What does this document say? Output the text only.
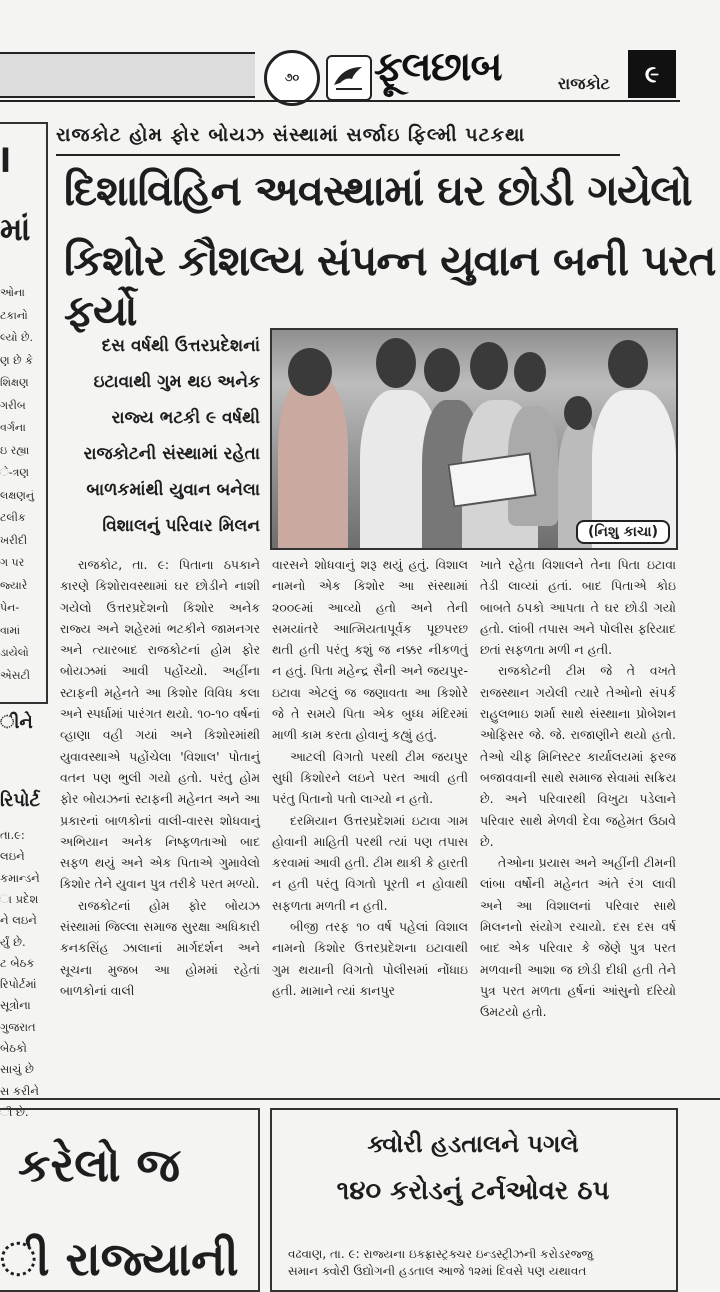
૭૦ ફૂલછાબ	રાજકોટ	૯
l
માં
ઓના
ટકાનો
લ્યો છે.
ણ છે કે
શિક્ષણ
ગરીબ
વર્ગના
ઇ રહ્યા
ે-ત્રણ
લક્ષણનું
ટલીક
ખરીદી
ગ પર
જ્યારે
પેન-
વામાં
ડાયેલો
એસટી
ીને
રિપોર્ટ
તા.૯:
લઇને
કમાન્ડને
ા પ્રદેશ
ને લઇને
ર્યું છે.
ટ બેઠક
રિપોર્ટમાં
સૂત્રોના
ગુજરાત
બેઠકો
સાચું છે
સ કરીને
ી છે.
રાજકોટ હોમ ફોર બોયઝ સંસ્થામાં સર્જાઇ ફિલ્મી પટકથા
દિશાવિહિન અવસ્થામાં ઘર છોડી ગયેલો
કિશોર કૌશલ્ય સંપન્ન યુવાન બની પરત ફર્યો
દસ વર્ષથી ઉત્તરપ્રદેશનાં
ઇટાવાથી ગુમ થઇ અનેક
રાજ્ય ભટકી ૯ વર્ષથી
રાજકોટની સંસ્થામાં રહેતા
બાળકમાંથી યુવાન બનેલા
વિશાલનું પરિવાર મિલન	(નિશુ કાચા)

રાજકોટ, તા. ૯: પિતાના ઠપકાને કારણે કિશોરાવસ્થામાં ઘર છોડીને નાશી ગયેલો ઉત્તરપ્રદેશનો કિશોર અનેક રાજ્ય અને શહેરમાં ભટકીને જામનગર અને ત્યારબાદ રાજકોટનાં હોમ ફોર બોયઝમાં આવી પહોંચ્યો. અહીંના સ્ટાફની મહેનતે આ કિશોર વિવિધ કલા અને સ્પર્ધામાં પારંગત થયો. ૧૦-૧૦ વર્ષનાં વ્હાણા વહી ગયાં અને કિશોરમાંથી યુવાવસ્થાએ પહોંચેલા 'વિશાલ' પોતાનું વતન પણ ભુલી ગયો હતો. પરંતુ હોમ ફોર બોયઝનાં સ્ટાફની મહેનત અને આ પ્રકારનાં બાળકોનાં વાલી-વારસ શોધવાનું અભિયાન અનેક નિષ્ફળતાઓ બાદ સફળ થયું અને એક પિતાએ ગુમાવેલો કિશોર તેને યુવાન પુત્ર તરીકે પરત મળ્યો.

રાજકોટનાં હોમ ફોર બોયઝ સંસ્થામાં જિલ્લા સમાજ સુરક્ષા અધિકારી કનકસિંહ ઝાલાનાં માર્ગદર્શન અને સૂચના મુજબ આ હોમમાં રહેતાં બાળકોનાં વાલી

વારસને શોધવાનું શરૂ થયું હતું. વિશાલ નામનો એક કિશોર આ સંસ્થામાં ૨૦૦૯માં આવ્યો હતો અને તેની સમયાંતરે આત્મિયતાપૂર્વક પૂછપરછ થતી હતી પરંતુ કશું જ નક્કર નીકળતું ન હતું. પિતા મહેન્દ્ર સૈની અને જયપુર-ઇટાવા એટલું જ જણાવતા આ કિશોરે જે તે સમયે પિતા એક બુધ્ધ મંદિરમાં માળી કામ કરતા હોવાનું કહ્યું હતું.

આટલી વિગતો પરથી ટીમ જયપુર સુધી કિશોરને લઇને પરત આવી હતી પરંતુ પિતાનો પતો લાગ્યો ન હતો.

દરમિયાન ઉત્તરપ્રદેશમાં ઇટાવા ગામ હોવાની માહિતી પરથી ત્યાં પણ તપાસ કરવામાં આવી હતી. ટીમ થાકી કે હારતી ન હતી પરંતુ વિગતો પૂરતી ન હોવાથી સફળતા મળતી ન હતી.

બીજી તરફ ૧૦ વર્ષ પહેલાં વિશાલ નામનો કિશોર ઉત્તરપ્રદેશના ઇટાવાથી ગુમ થયાની વિગતો પોલીસમાં નોંધાઇ હતી. મામાને ત્યાં કાનપુર

ખાતે રહેતા વિશાલને તેના પિતા ઇટાવા તેડી લાવ્યાં હતાં. બાદ પિતાએ કોઇ બાબતે ઠપકો આપતા તે ઘર છોડી ગયો હતો. લાંબી તપાસ અને પોલીસ ફરિયાદ છતાં સફળતા મળી ન હતી.

રાજકોટની ટીમ જે તે વખતે રાજસ્થાન ગયેલી ત્યારે તેઓનો સંપર્ક રાહુલભાઇ શર્મા સાથે સંસ્થાના પ્રોબેશન ઓફિસર જે. જે. રાજાણીને થયો હતો. તેઓ ચીફ મિનિસ્ટર કાર્યાલયમાં ફરજ બજાવવાની સાથે સમાજ સેવામાં સક્રિય છે. અને પરિવારથી વિખુટા પડેલાને પરિવાર સાથે મેળવી દેવા જહેમત ઉઠાવે છે.

તેઓના પ્રયાસ અને અહીંની ટીમની લાંબા વર્ષોની મહેનત અંતે રંગ લાવી અને આ વિશાલનાં પરિવાર સાથે મિલનનો સંયોગ રચાયો. દસ દસ વર્ષ બાદ એક પરિવાર કે જેણે પુત્ર પરત મળવાની આશા જ છોડી દીધી હતી તેને પુત્ર પરત મળતા હર્ષનાં આંસુનો દરિયો ઉમટયો હતો.

કરેલો જ
ી રાજ્યાની
ક્વોરી હડતાલને પગલે
૧૪૦ કરોડનું ટર્નઓવર ઠપ
વઢવાણ, તા. ૯: રાજ્યના ઇક્ફ્રાસ્ટ્રક્ચર ઇન્ડસ્ટ્રીઝની કરોડરજ્જુ
સમાન ક્વોરી ઉદ્યોગની હડતાલ આજે ૧૨માં દિવસે પણ યથાવત
